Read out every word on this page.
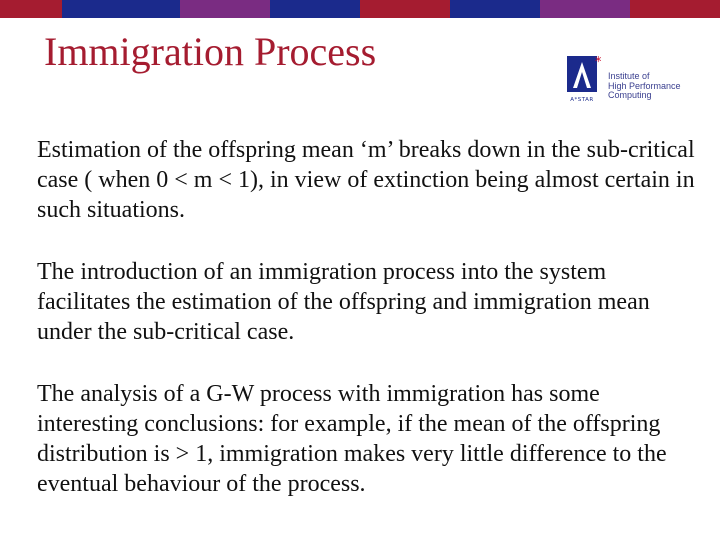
Immigration Process	*
A*STAR
Institute of
High Performance
Computing

Estimation of the offspring mean ‘m’ breaks down in the sub-critical case ( when 0 < m < 1), in view of extinction being almost certain in such situations.

The introduction of an immigration process into the system facilitates the estimation of the offspring and immigration mean under the sub-critical case.

The analysis of a G-W process with immigration has some interesting conclusions: for example, if the mean of the offspring distribution is > 1, immigration makes very little difference to the eventual behaviour of the process.
